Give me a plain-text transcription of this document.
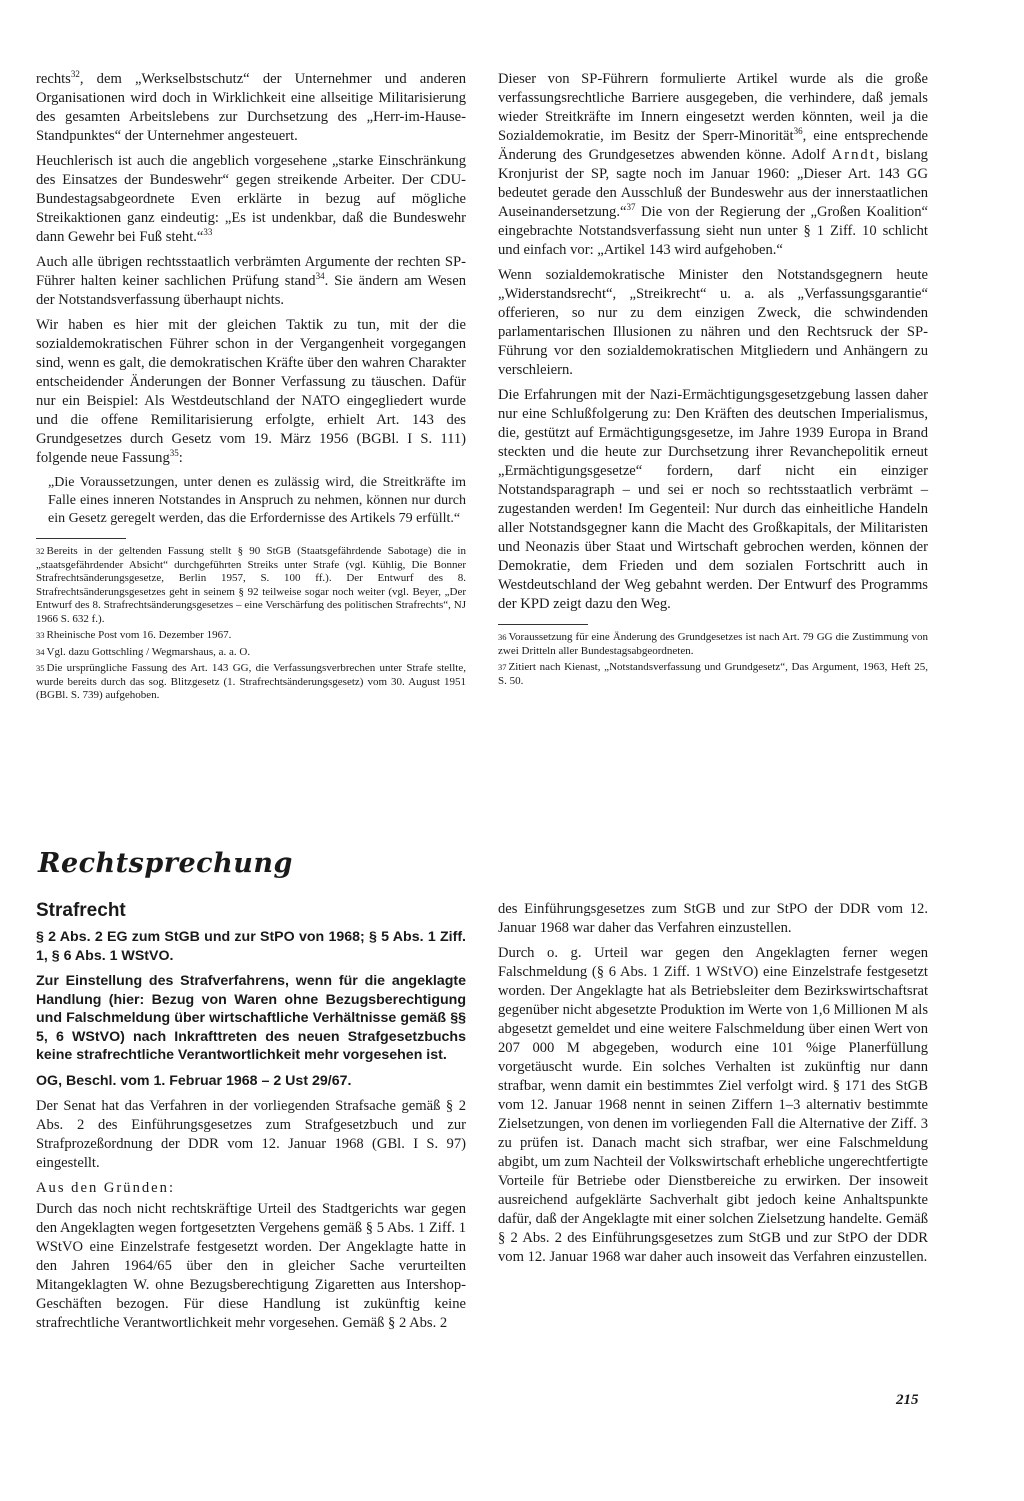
rechts$^{32}$, dem „Werkselbstschutz“ der Unternehmer und anderen Organisationen wird doch in Wirklichkeit eine allseitige Militarisierung des gesamten Arbeitslebens zur Durchsetzung des „Herr-im-Hause-Standpunktes“ der Unternehmer angesteuert.

Heuchlerisch ist auch die angeblich vorgesehene „starke Einschränkung des Einsatzes der Bundeswehr“ gegen streikende Arbeiter. Der CDU-Bundestagsabgeordnete Even erklärte in bezug auf mögliche Streikaktionen ganz eindeutig: „Es ist undenkbar, daß die Bundeswehr dann Gewehr bei Fuß steht.“$^{33}$

Auch alle übrigen rechtsstaatlich verbrämten Argumente der rechten SP-Führer halten keiner sachlichen Prüfung stand$^{34}$. Sie ändern am Wesen der Notstandsverfassung überhaupt nichts.

Wir haben es hier mit der gleichen Taktik zu tun, mit der die sozialdemokratischen Führer schon in der Vergangenheit vorgegangen sind, wenn es galt, die demokratischen Kräfte über den wahren Charakter entscheidender Änderungen der Bonner Verfassung zu täuschen. Dafür nur ein Beispiel: Als Westdeutschland der NATO eingegliedert wurde und die offene Remilitarisierung erfolgte, erhielt Art. 143 des Grundgesetzes durch Gesetz vom 19. März 1956 (BGBl. I S. 111) folgende neue Fassung$^{35}$:

„Die Voraussetzungen, unter denen es zulässig wird, die Streitkräfte im Falle eines inneren Notstandes in Anspruch zu nehmen, können nur durch ein Gesetz geregelt werden, das die Erfordernisse des Artikels 79 erfüllt.“

$^{32}$ Bereits in der geltenden Fassung stellt § 90 StGB (Staatsgefährdende Sabotage) die in „staatsgefährdender Absicht“ durchgeführten Streiks unter Strafe (vgl. Kühlig, Die Bonner Strafrechtsänderungsgesetze, Berlin 1957, S. 100 ff.). Der Entwurf des 8. Strafrechtsänderungsgesetzes geht in seinem § 92 teilweise sogar noch weiter (vgl. Beyer, „Der Entwurf des 8. Strafrechtsänderungsgesetzes – eine Verschärfung des politischen Strafrechts“, NJ 1966 S. 632 f.).

$^{33}$ Rheinische Post vom 16. Dezember 1967.

$^{34}$ Vgl. dazu Gottschling / Wegmarshaus, a. a. O.

$^{35}$ Die ursprüngliche Fassung des Art. 143 GG, die Verfassungsverbrechen unter Strafe stellte, wurde bereits durch das sog. Blitzgesetz (1. Strafrechtsänderungsgesetz) vom 30. August 1951 (BGBl. S. 739) aufgehoben.

Dieser von SP-Führern formulierte Artikel wurde als die große verfassungsrechtliche Barriere ausgegeben, die verhindere, daß jemals wieder Streitkräfte im Innern eingesetzt werden könnten, weil ja die Sozialdemokratie, im Besitz der Sperr-Minorität$^{36}$, eine entsprechende Änderung des Grundgesetzes abwenden könne. Adolf Arndt, bislang Kronjurist der SP, sagte noch im Januar 1960: „Dieser Art. 143 GG bedeutet gerade den Ausschluß der Bundeswehr aus der innerstaatlichen Auseinandersetzung.“$^{37}$ Die von der Regierung der „Großen Koalition“ eingebrachte Notstandsverfassung sieht nun unter § 1 Ziff. 10 schlicht und einfach vor: „Artikel 143 wird aufgehoben.“

Wenn sozialdemokratische Minister den Notstandsgegnern heute „Widerstandsrecht“, „Streikrecht“ u. a. als „Verfassungsgarantie“ offerieren, so nur zu dem einzigen Zweck, die schwindenden parlamentarischen Illusionen zu nähren und den Rechtsruck der SP-Führung vor den sozialdemokratischen Mitgliedern und Anhängern zu verschleiern.

Die Erfahrungen mit der Nazi-Ermächtigungsgesetzgebung lassen daher nur eine Schlußfolgerung zu: Den Kräften des deutschen Imperialismus, die, gestützt auf Ermächtigungsgesetze, im Jahre 1939 Europa in Brand steckten und die heute zur Durchsetzung ihrer Revanchepolitik erneut „Ermächtigungsgesetze“ fordern, darf nicht ein einziger Notstandsparagraph – und sei er noch so rechtsstaatlich verbrämt – zugestanden werden! Im Gegenteil: Nur durch das einheitliche Handeln aller Notstandsgegner kann die Macht des Großkapitals, der Militaristen und Neonazis über Staat und Wirtschaft gebrochen werden, können der Demokratie, dem Frieden und dem sozialen Fortschritt auch in Westdeutschland der Weg gebahnt werden. Der Entwurf des Programms der KPD zeigt dazu den Weg.

$^{36}$ Voraussetzung für eine Änderung des Grundgesetzes ist nach Art. 79 GG die Zustimmung von zwei Dritteln aller Bundestagsabgeordneten.

$^{37}$ Zitiert nach Kienast, „Notstandsverfassung und Grundgesetz“, Das Argument, 1963, Heft 25, S. 50.

Rechtsprechung
Strafrecht

§ 2 Abs. 2 EG zum StGB und zur StPO von 1968; § 5 Abs. 1 Ziff. 1, § 6 Abs. 1 WStVO.

Zur Einstellung des Strafverfahrens, wenn für die angeklagte Handlung (hier: Bezug von Waren ohne Bezugsberechtigung und Falschmeldung über wirtschaftliche Verhältnisse gemäß §§ 5, 6 WStVO) nach Inkrafttreten des neuen Strafgesetzbuchs keine strafrechtliche Verantwortlichkeit mehr vorgesehen ist.

OG, Beschl. vom 1. Februar 1968 – 2 Ust 29/67.

Der Senat hat das Verfahren in der vorliegenden Strafsache gemäß § 2 Abs. 2 des Einführungsgesetzes zum Strafgesetzbuch und zur Strafprozeßordnung der DDR vom 12. Januar 1968 (GBl. I S. 97) eingestellt.

Aus den Gründen:

Durch das noch nicht rechtskräftige Urteil des Stadtgerichts war gegen den Angeklagten wegen fortgesetzten Vergehens gemäß § 5 Abs. 1 Ziff. 1 WStVO eine Einzelstrafe festgesetzt worden. Der Angeklagte hatte in den Jahren 1964/65 über den in gleicher Sache verurteilten Mitangeklagten W. ohne Bezugsberechtigung Zigaretten aus Intershop-Geschäften bezogen. Für diese Handlung ist zukünftig keine strafrechtliche Verantwortlichkeit mehr vorgesehen. Gemäß § 2 Abs. 2

des Einführungsgesetzes zum StGB und zur StPO der DDR vom 12. Januar 1968 war daher das Verfahren einzustellen.

Durch o. g. Urteil war gegen den Angeklagten ferner wegen Falschmeldung (§ 6 Abs. 1 Ziff. 1 WStVO) eine Einzelstrafe festgesetzt worden. Der Angeklagte hat als Betriebsleiter dem Bezirkswirtschaftsrat gegenüber nicht abgesetzte Produktion im Werte von 1,6 Millionen M als abgesetzt gemeldet und eine weitere Falschmeldung über einen Wert von 207 000 M abgegeben, wodurch eine 101 %ige Planerfüllung vorgetäuscht wurde. Ein solches Verhalten ist zukünftig nur dann strafbar, wenn damit ein bestimmtes Ziel verfolgt wird. § 171 des StGB vom 12. Januar 1968 nennt in seinen Ziffern 1–3 alternativ bestimmte Zielsetzungen, von denen im vorliegenden Fall die Alternative der Ziff. 3 zu prüfen ist. Danach macht sich strafbar, wer eine Falschmeldung abgibt, um zum Nachteil der Volkswirtschaft erhebliche ungerechtfertigte Vorteile für Betriebe oder Dienstbereiche zu erwirken. Der insoweit ausreichend aufgeklärte Sachverhalt gibt jedoch keine Anhaltspunkte dafür, daß der Angeklagte mit einer solchen Zielsetzung handelte. Gemäß § 2 Abs. 2 des Einführungsgesetzes zum StGB und zur StPO der DDR vom 12. Januar 1968 war daher auch insoweit das Verfahren einzustellen.

215
